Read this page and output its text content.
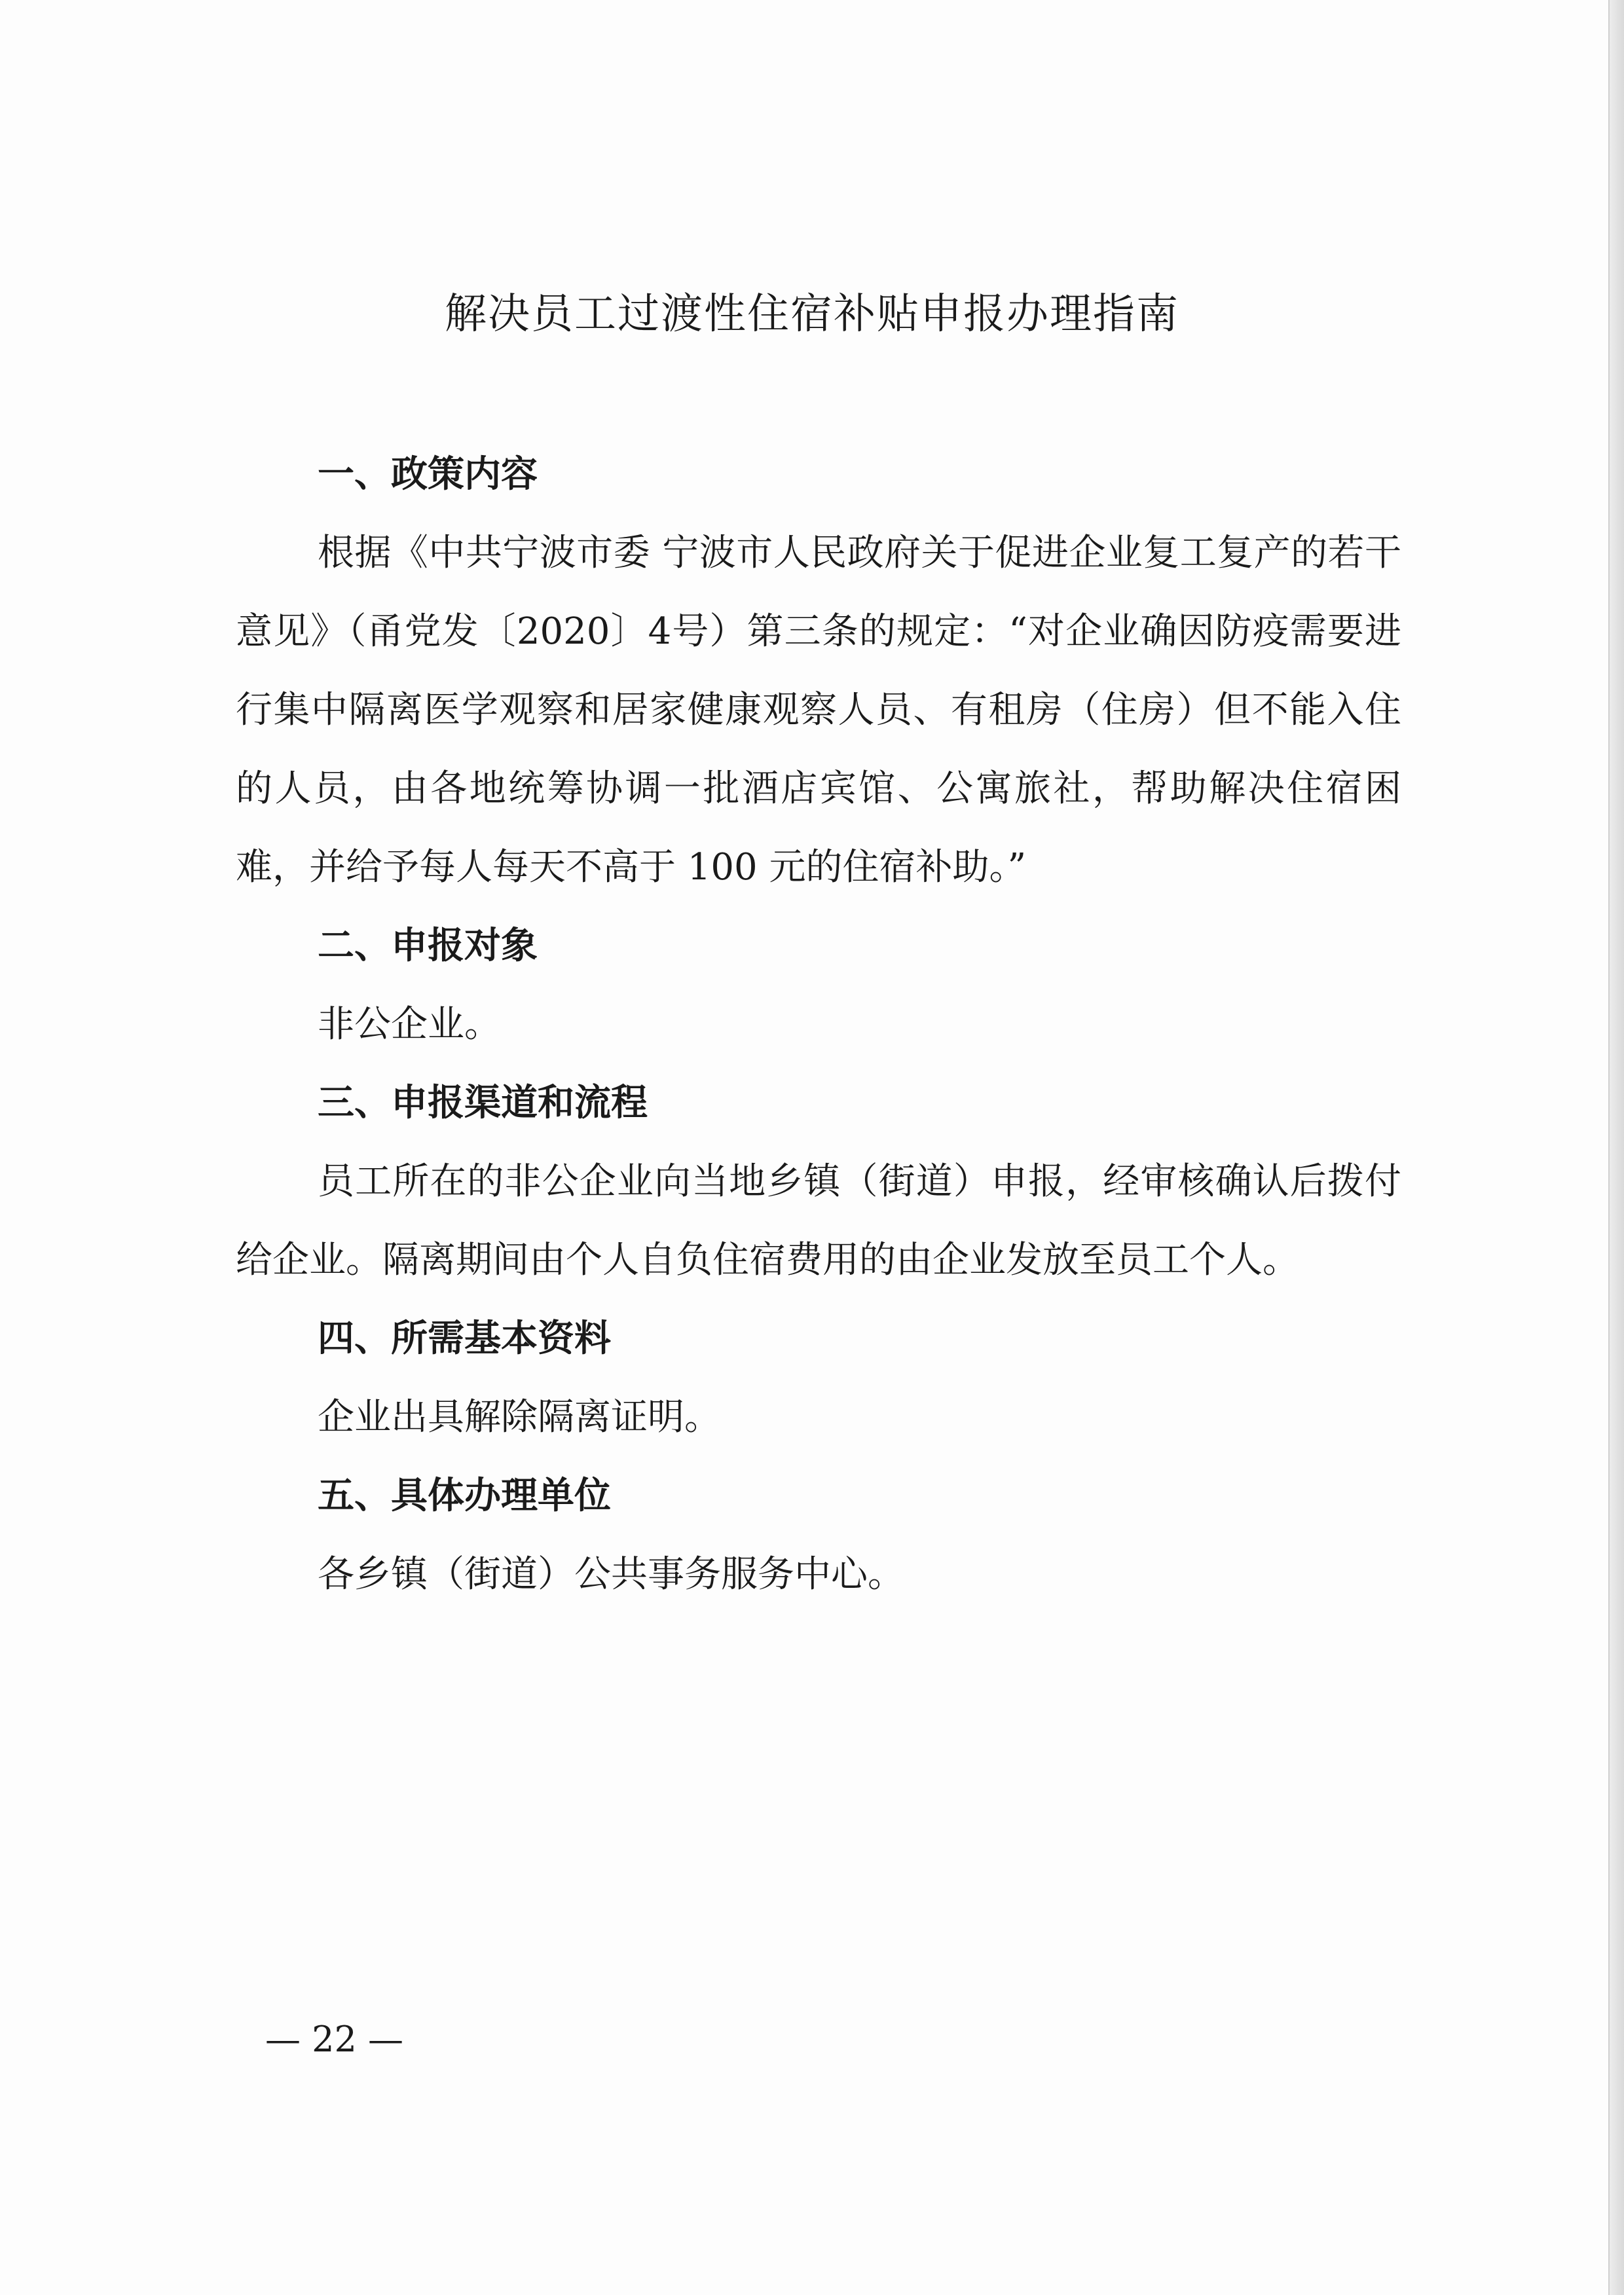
解决员工过渡性住宿补贴申报办理指南
一、政策内容

根据《中共宁波市委 宁波市人民政府关于促进企业复工复产的若干意见》（甬党发〔2020〕4号）第三条的规定：“对企业确因防疫需要进行集中隔离医学观察和居家健康观察人员、有租房（住房）但不能入住的人员，由各地统筹协调一批酒店宾馆、公寓旅社，帮助解决住宿困难，并给予每人每天不高于 100 元的住宿补助。”

二、申报对象

非公企业。

三、申报渠道和流程

员工所在的非公企业向当地乡镇（街道）申报，经审核确认后拨付给企业。隔离期间由个人自负住宿费用的由企业发放至员工个人。

四、所需基本资料

企业出具解除隔离证明。

五、具体办理单位

各乡镇（街道）公共事务服务中心。

— 22 —
